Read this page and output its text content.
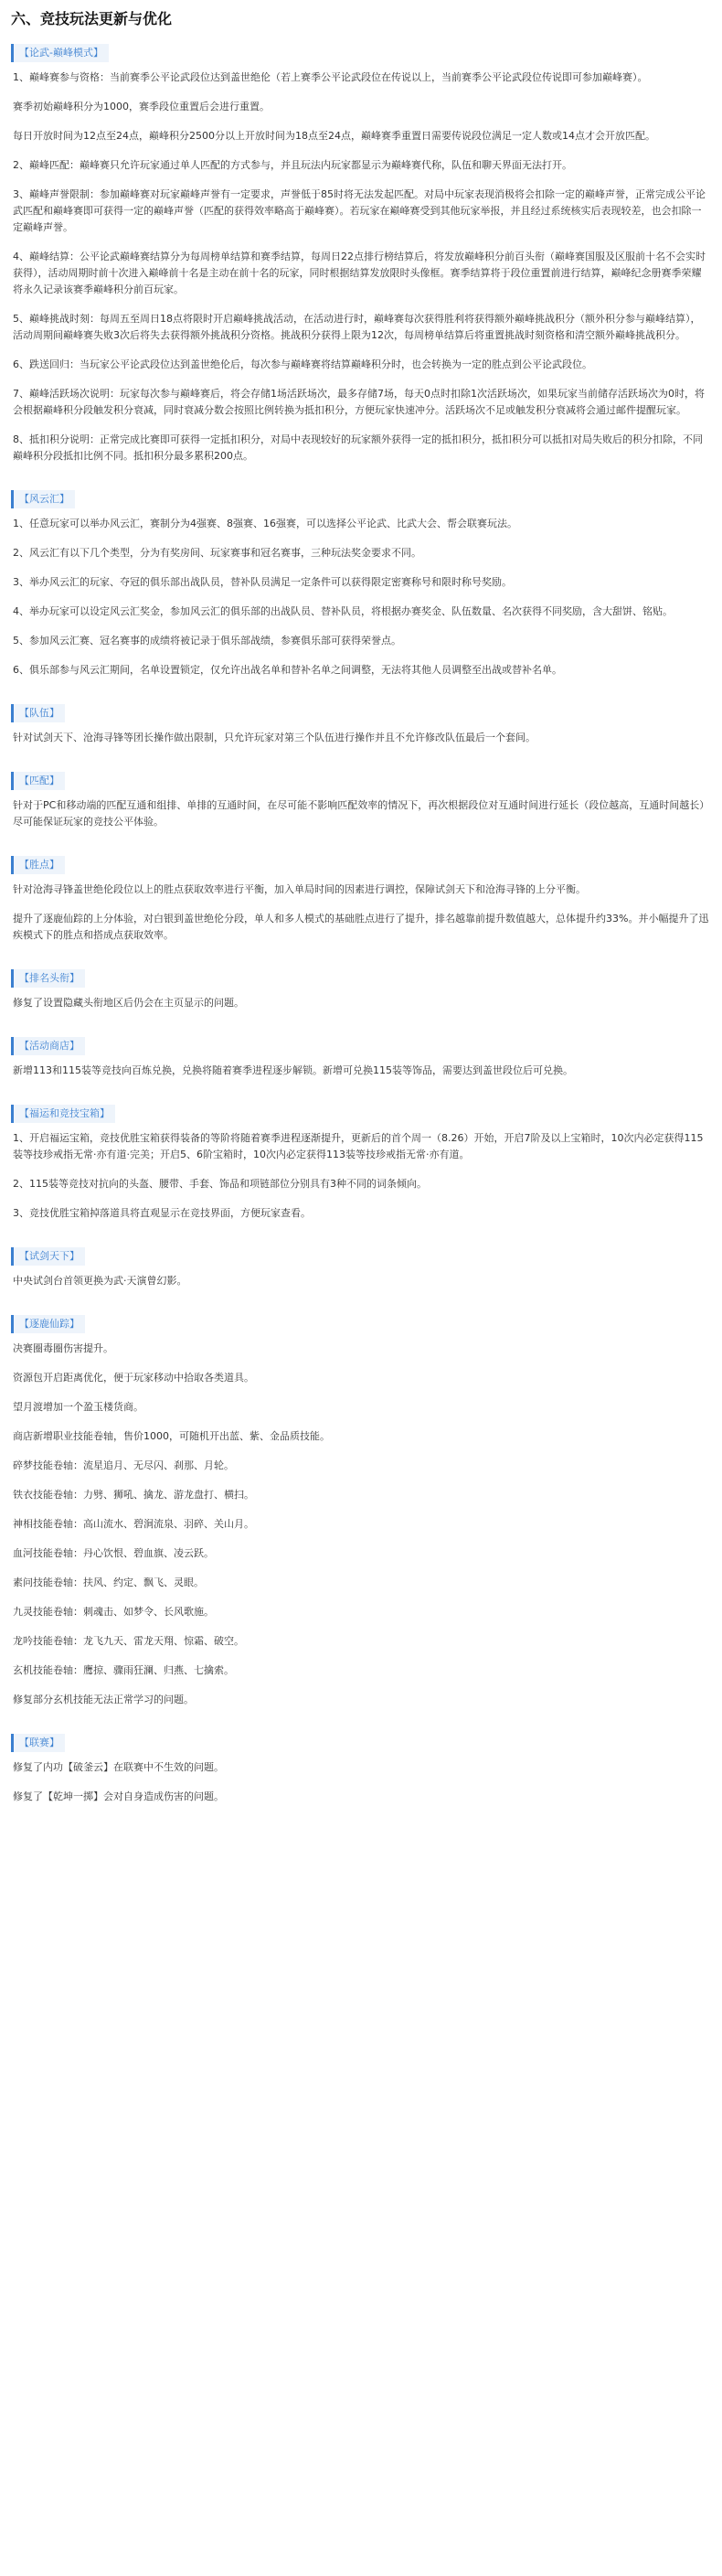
六、竞技玩法更新与优化
【论武-巅峰模式】

1、巅峰赛参与资格：当前赛季公平论武段位达到盖世绝伦（若上赛季公平论武段位在传说以上，当前赛季公平论武段位传说即可参加巅峰赛）。

赛季初始巅峰积分为1000，赛季段位重置后会进行重置。

每日开放时间为12点至24点，巅峰积分2500分以上开放时间为18点至24点，巅峰赛季重置日需要传说段位满足一定人数或14点才会开放匹配。

2、巅峰匹配：巅峰赛只允许玩家通过单人匹配的方式参与，并且玩法内玩家都显示为巅峰赛代称，队伍和聊天界面无法打开。

3、巅峰声誉限制：参加巅峰赛对玩家巅峰声誉有一定要求，声誉低于85时将无法发起匹配。对局中玩家表现消极将会扣除一定的巅峰声誉，正常完成公平论武匹配和巅峰赛即可获得一定的巅峰声誉（匹配的获得效率略高于巅峰赛）。若玩家在巅峰赛受到其他玩家举报，并且经过系统核实后表现较差，也会扣除一定巅峰声誉。

4、巅峰结算：公平论武巅峰赛结算分为每周榜单结算和赛季结算，每周日22点排行榜结算后，将发放巅峰积分前百头衔（巅峰赛国服及区服前十名不会实时获得），活动周期时前十次进入巅峰前十名是主动在前十名的玩家，同时根据结算发放限时头像框。赛季结算将于段位重置前进行结算，巅峰纪念册赛季荣耀将永久记录该赛季巅峰积分前百玩家。

5、巅峰挑战时刻：每周五至周日18点将限时开启巅峰挑战活动，在活动进行时，巅峰赛每次获得胜利将获得额外巅峰挑战积分（额外积分参与巅峰结算），活动周期间巅峰赛失败3次后将失去获得额外挑战积分资格。挑战积分获得上限为12次，每周榜单结算后将重置挑战时刻资格和清空额外巅峰挑战积分。

6、跌送回归：当玩家公平论武段位达到盖世绝伦后，每次参与巅峰赛将结算巅峰积分时，也会转换为一定的胜点到公平论武段位。

7、巅峰活跃场次说明：玩家每次参与巅峰赛后，将会存储1场活跃场次，最多存储7场，每天0点时扣除1次活跃场次，如果玩家当前储存活跃场次为0时，将会根据巅峰积分段触发积分衰减，同时衰减分数会按照比例转换为抵扣积分，方便玩家快速冲分。活跃场次不足或触发积分衰减将会通过邮件提醒玩家。

8、抵扣积分说明：正常完成比赛即可获得一定抵扣积分，对局中表现较好的玩家额外获得一定的抵扣积分，抵扣积分可以抵扣对局失败后的积分扣除，不同巅峰积分段抵扣比例不同。抵扣积分最多累积200点。

【风云汇】

1、任意玩家可以举办风云汇，赛制分为4强赛、8强赛、16强赛，可以选择公平论武、比武大会、帮会联赛玩法。

2、风云汇有以下几个类型，分为有奖房间、玩家赛事和冠名赛事，三种玩法奖金要求不同。

3、举办风云汇的玩家、夺冠的俱乐部出战队员，替补队员满足一定条件可以获得限定密赛称号和限时称号奖励。

4、举办玩家可以设定风云汇奖金，参加风云汇的俱乐部的出战队员、替补队员，将根据办赛奖金、队伍数量、名次获得不同奖励，含大甜饼、铭贴。

5、参加风云汇赛、冠名赛事的成绩将被记录于俱乐部战绩，参赛俱乐部可获得荣誉点。

6、俱乐部参与风云汇期间，名单设置锁定，仅允许出战名单和替补名单之间调整，无法将其他人员调整至出战或替补名单。

【队伍】

针对试剑天下、沧海寻锋等团长操作做出限制，只允许玩家对第三个队伍进行操作并且不允许修改队伍最后一个套间。

【匹配】

针对于PC和移动端的匹配互通和组排、单排的互通时间，在尽可能不影响匹配效率的情况下，再次根据段位对互通时间进行延长（段位越高，互通时间越长）尽可能保证玩家的竞技公平体验。

【胜点】

针对沧海寻锋盖世绝伦段位以上的胜点获取效率进行平衡，加入单局时间的因素进行调控，保障试剑天下和沧海寻锋的上分平衡。

提升了逐鹿仙踪的上分体验，对白银到盖世绝伦分段，单人和多人模式的基础胜点进行了提升，排名越靠前提升数值越大，总体提升约33%。并小幅提升了迅疾模式下的胜点和搭成点获取效率。

【排名头衔】

修复了设置隐藏头衔地区后仍会在主页显示的问题。

【活动商店】

新增113和115装等竞技向百炼兑换，兑换将随着赛季进程逐步解锁。新增可兑换115装等饰品，需要达到盖世段位后可兑换。

【福运和竞技宝箱】

1、开启福运宝箱，竞技优胜宝箱获得装备的等阶将随着赛季进程逐渐提升，更新后的首个周一（8.26）开始，开启7阶及以上宝箱时，10次内必定获得115装等技珍戒指无常·亦有道·完美；开启5、6阶宝箱时，10次内必定获得113装等技珍戒指无常·亦有道。

2、115装等竞技对抗向的头盔、腰带、手套、饰品和项链部位分别具有3种不同的词条倾向。

3、竞技优胜宝箱掉落道具将直观显示在竞技界面，方便玩家查看。

【试剑天下】

中央试剑台首领更换为武·天演曾幻影。

【逐鹿仙踪】

决赛圈毒圈伤害提升。

资源包开启距离优化，便于玩家移动中拾取各类道具。

望月渡增加一个盈玉楼货商。

商店新增职业技能卷轴，售价1000，可随机开出蓝、紫、金品质技能。

碎梦技能卷轴：流星追月、无尽闪、刹那、月轮。

铁衣技能卷轴：力劈、狮吼、擒龙、游龙盘打、横扫。

神相技能卷轴：高山流水、碧涧流泉、羽碎、关山月。

血河技能卷轴：丹心饮恨、碧血旗、凌云跃。

素问技能卷轴：扶风、约定、飘飞、灵眼。

九灵技能卷轴：刺魂击、如梦令、长风歌施。

龙吟技能卷轴：龙飞九天、雷龙天翔、惊霜、破空。

玄机技能卷轴：鹰掠、骤雨狂澜、归燕、七擒索。

修复部分玄机技能无法正常学习的问题。

【联赛】

修复了内功【破釜云】在联赛中不生效的问题。

修复了【乾坤一掷】会对自身造成伤害的问题。
